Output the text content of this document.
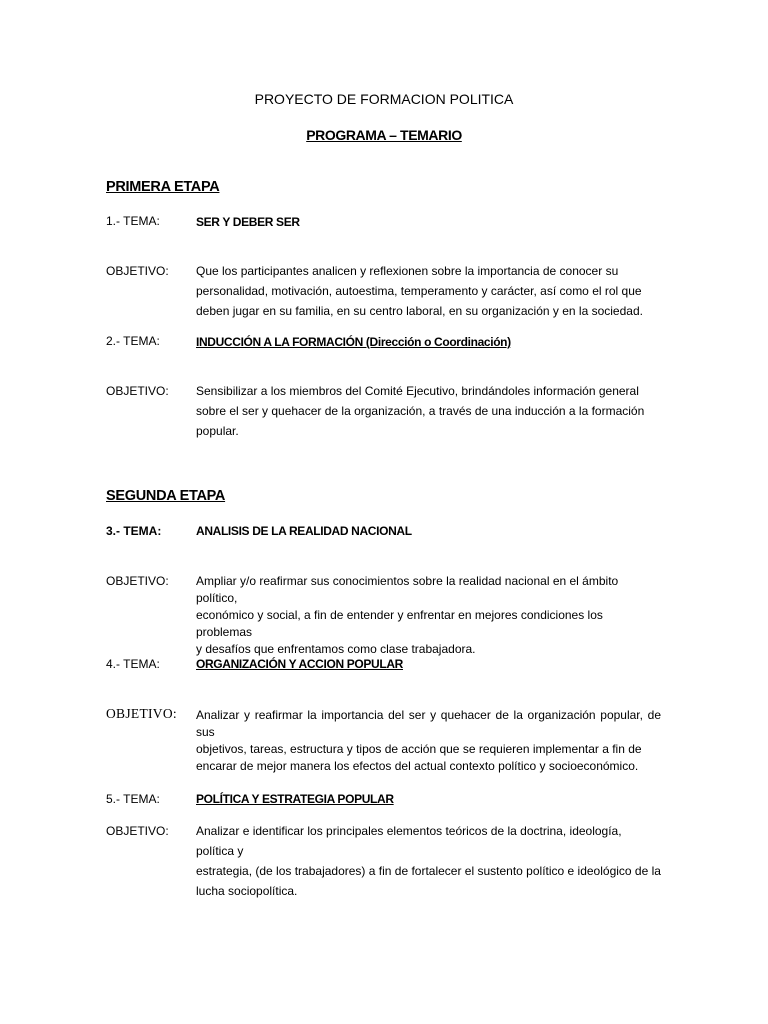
PROYECTO DE FORMACION POLITICA
PROGRAMA – TEMARIO
PRIMERA ETAPA
1.- TEMA:	SER Y DEBER SER
OBJETIVO: Que los participantes analicen y reflexionen sobre la importancia de conocer su
personalidad, motivación, autoestima, temperamento y carácter, así como el rol que
deben jugar en su familia, en su centro laboral, en su organización y en la sociedad.
2.- TEMA:	INDUCCIÓN A LA FORMACIÓN (Dirección o Coordinación)
OBJETIVO: Sensibilizar a los miembros del Comité Ejecutivo, brindándoles información general
sobre el ser y quehacer de la organización, a través de una inducción a la formación
popular.
SEGUNDA ETAPA
3.- TEMA:	ANALISIS DE LA REALIDAD NACIONAL
OBJETIVO: Ampliar y/o reafirmar sus conocimientos sobre la realidad nacional en el ámbito político,
económico y social, a fin de entender y enfrentar en mejores condiciones los problemas
y desafíos que enfrentamos como clase trabajadora.
4.- TEMA:	ORGANIZACIÓN Y ACCION POPULAR
OBJETIVO: Analizar y reafirmar la importancia del ser y quehacer de la organización popular, de sus
objetivos, tareas, estructura y tipos de acción que se requieren implementar a fin de
encarar de mejor manera los efectos del actual contexto político y socioeconómico.
5.- TEMA:	POLÍTICA Y ESTRATEGIA POPULAR
OBJETIVO: Analizar e identificar los principales elementos teóricos de la doctrina, ideología, política y
estrategia, (de los trabajadores) a fin de fortalecer el sustento político e ideológico de la
lucha sociopolítica.
